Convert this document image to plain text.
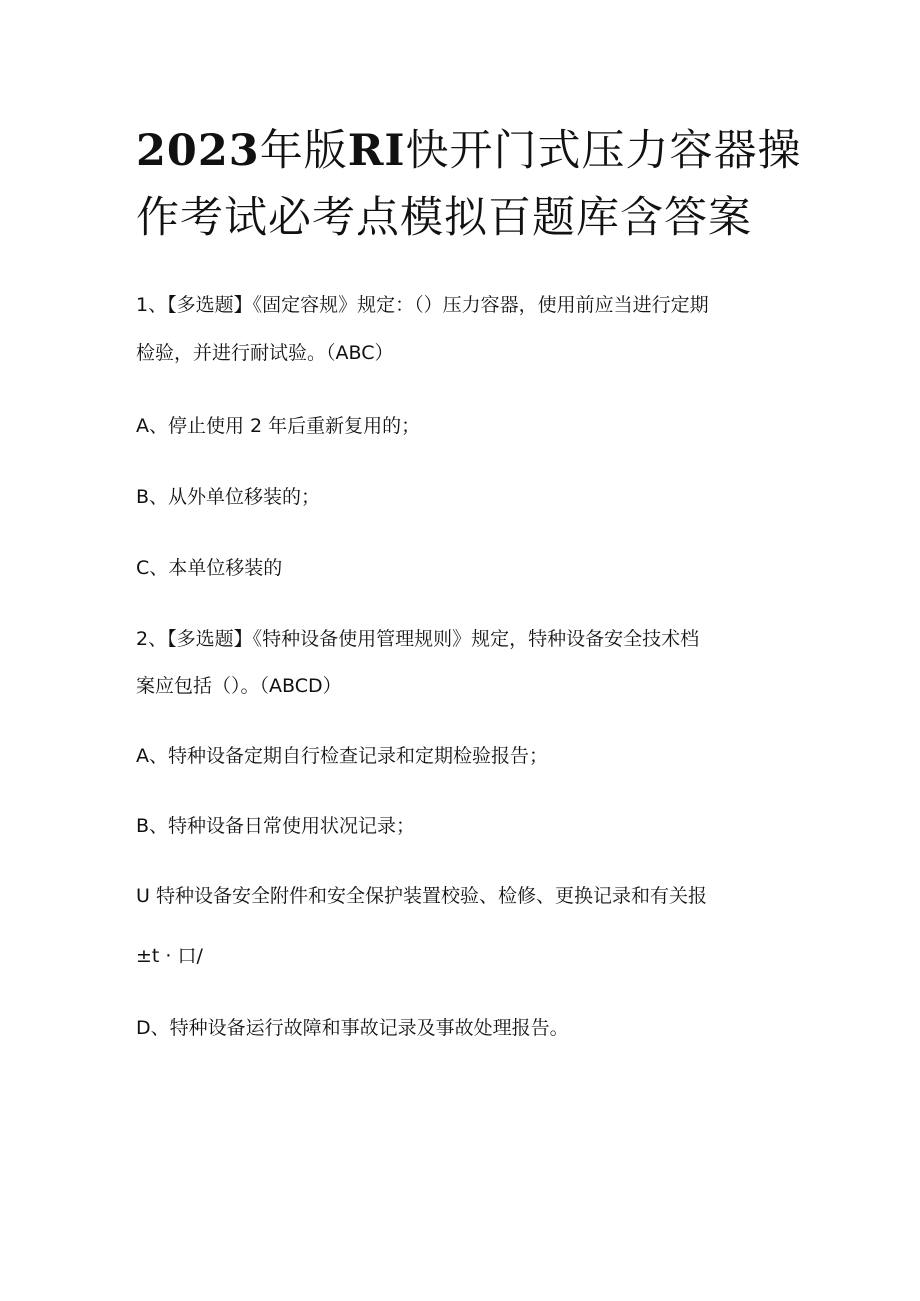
2023年版RI快开门式压力容器操
作考试必考点模拟百题库含答案
1、【多选题】《固定容规》规定：（）压力容器，使用前应当进行定期
检验，并进行耐试验。（ABC）
A、停止使用 2 年后重新复用的；
B、从外单位移装的；
C、本单位移装的
2、【多选题】《特种设备使用管理规则》规定，特种设备安全技术档
案应包括（）。（ABCD）
A、特种设备定期自行检查记录和定期检验报告；
B、特种设备日常使用状况记录；
U 特种设备安全附件和安全保护装置校验、检修、更换记录和有关报
±t · 口/
D、特种设备运行故障和事故记录及事故处理报告。
